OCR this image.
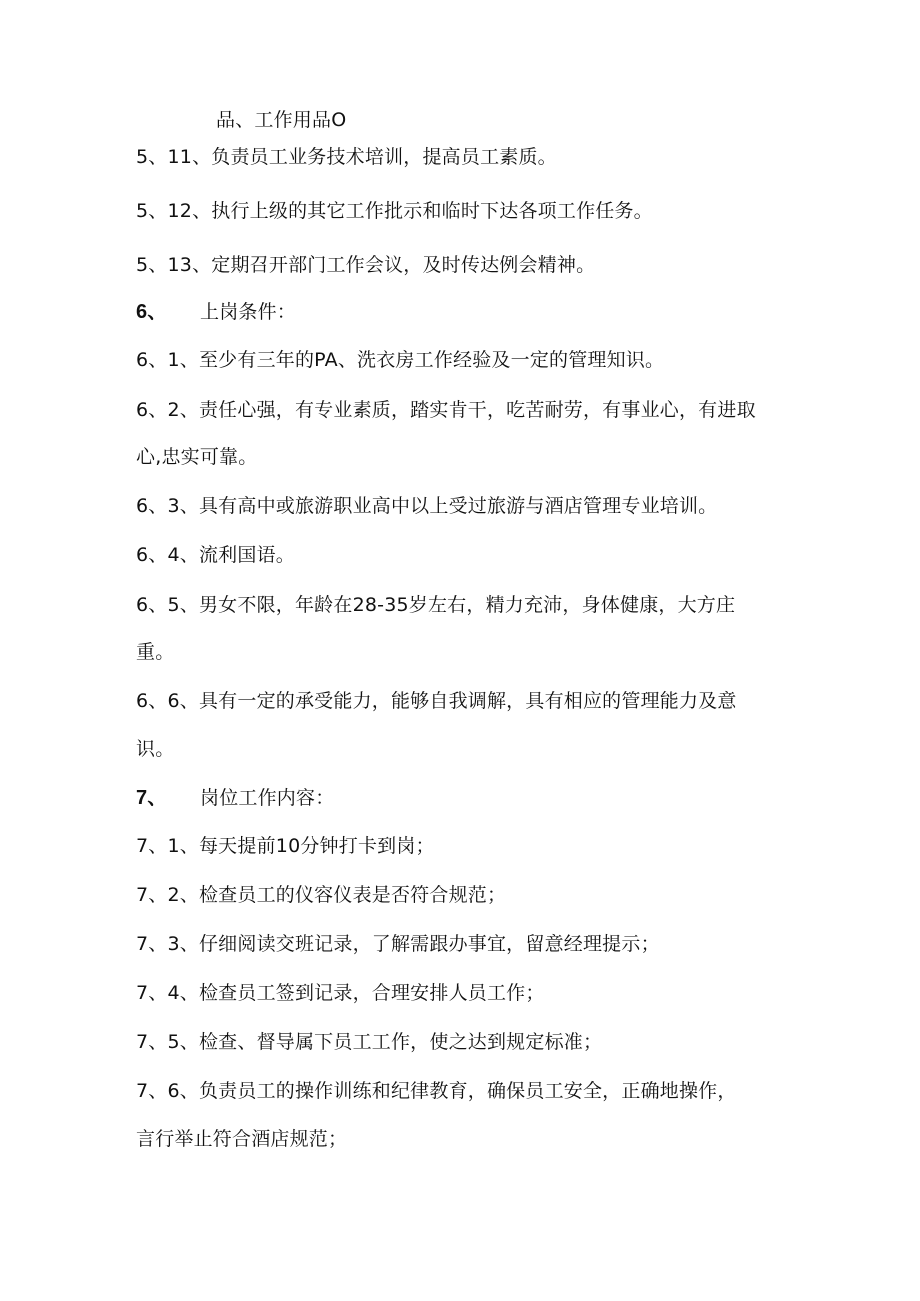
品、工作用品O
5、11、负责员工业务技术培训，提高员工素质。
5、12、执行上级的其它工作批示和临时下达各项工作任务。
5、13、定期召开部门工作会议，及时传达例会精神。
6、 上岗条件：
6、1、至少有三年的PA、洗衣房工作经验及一定的管理知识。
6、2、责任心强，有专业素质，踏实肯干，吃苦耐劳，有事业心，有进取
心,忠实可靠。
6、3、具有高中或旅游职业高中以上受过旅游与酒店管理专业培训。
6、4、流利国语。
6、5、男女不限，年龄在28-35岁左右，精力充沛，身体健康，大方庄
重。
6、6、具有一定的承受能力，能够自我调解，具有相应的管理能力及意
识。
7、 岗位工作内容：
7、1、每天提前10分钟打卡到岗；
7、2、检查员工的仪容仪表是否符合规范；
7、3、仔细阅读交班记录，了解需跟办事宜，留意经理提示；
7、4、检查员工签到记录，合理安排人员工作；
7、5、检查、督导属下员工工作，使之达到规定标准；
7、6、负责员工的操作训练和纪律教育，确保员工安全，正确地操作，
言行举止符合酒店规范；
